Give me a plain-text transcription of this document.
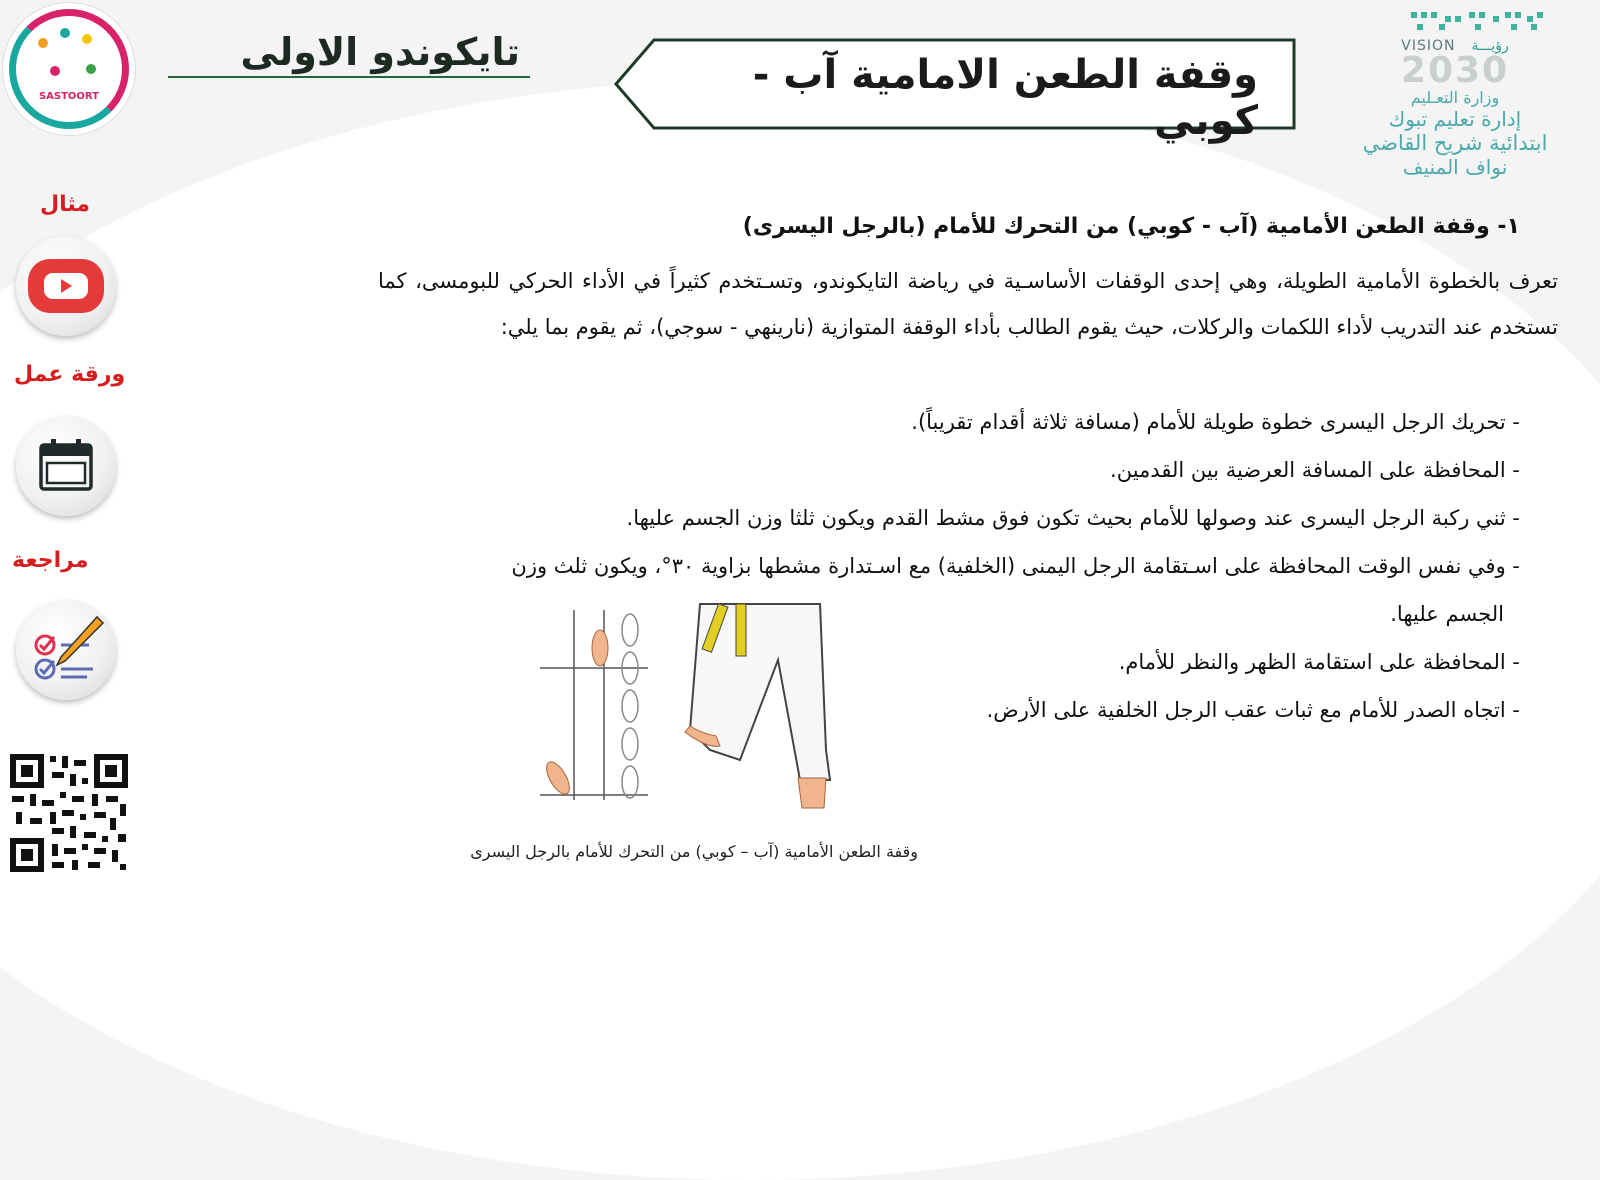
SASTOORT
تايكوندو الاولى	وقفة الطعن الامامية آب - كوبي
رؤيـــة
VISION
2030
وزارة التعـليم
إدارة تعليم تبوك
ابتدائية شريح القاضي
نواف المنيف
مثال
ورقة عمل
مراجعة
١- وقفة الطعن الأمامية (آب - كوبي) من التحرك للأمام (بالرجل اليسرى)
تعرف بالخطوة الأمامية الطويلة، وهي إحدى الوقفات الأساسـية في رياضة التايكوندو، وتسـتخدم كثيراً في الأداء الحركي للبومسى، كما تستخدم عند التدريب لأداء اللكمات والركلات، حيث يقوم الطالب بأداء الوقفة المتوازية (نارينهي - سوجي)، ثم يقوم بما يلي:
- تحريك الرجل اليسرى خطوة طويلة للأمام (مسافة ثلاثة أقدام تقريباً).
- المحافظة على المسافة العرضية بين القدمين.
- ثني ركبة الرجل اليسرى عند وصولها للأمام بحيث تكون فوق مشط القدم ويكون ثلثا وزن الجسم عليها.
- وفي نفس الوقت المحافظة على اسـتقامة الرجل اليمنى (الخلفية) مع اسـتدارة مشطها بزاوية ٣٠°، ويكون ثلث وزن
الجسم عليها.
- المحافظة على استقامة الظهر والنظر للأمام.
- اتجاه الصدر للأمام مع ثبات عقب الرجل الخلفية على الأرض.
وقفة الطعن الأمامية (آب – كوبي) من التحرك للأمام بالرجل اليسرى
